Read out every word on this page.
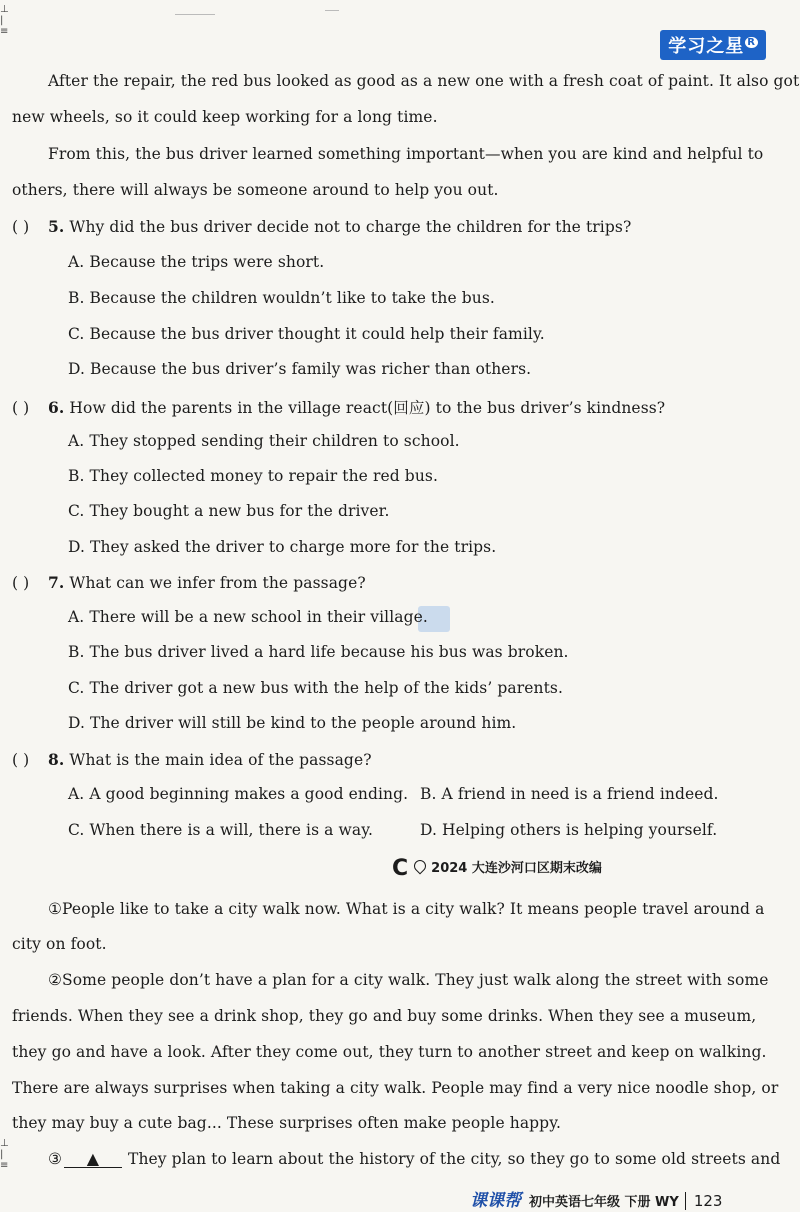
⊥
|
≡
⊥
|
≡
学习之星 $^R$
After the repair, the red bus looked as good as a new one with a fresh coat of paint. It also got
new wheels, so it could keep working for a long time.
From this, the bus driver learned something important—when you are kind and helpful to
others, there will always be someone around to help you out.
( ) 5. Why did the bus driver decide not to charge the children for the trips?
A. Because the trips were short.
B. Because the children wouldn’t like to take the bus.
C. Because the bus driver thought it could help their family.
D. Because the bus driver’s family was richer than others.
( ) 6. How did the parents in the village react(回应) to the bus driver’s kindness?
A. They stopped sending their children to school.
B. They collected money to repair the red bus.
C. They bought a new bus for the driver.
D. They asked the driver to charge more for the trips.
( ) 7. What can we infer from the passage?
A. There will be a new school in their village.
B. The bus driver lived a hard life because his bus was broken.
C. The driver got a new bus with the help of the kids’ parents.
D. The driver will still be kind to the people around him.
( ) 8. What is the main idea of the passage?
A. A good beginning makes a good ending. B. A friend in need is a friend indeed.
C. When there is a will, there is a way.	D. Helping others is helping yourself.
C 2024 大连沙河口区期末改编
①People like to take a city walk now. What is a city walk? It means people travel around a
city on foot.
②Some people don’t have a plan for a city walk. They just walk along the street with some
friends. When they see a drink shop, they go and buy some drinks. When they see a museum,
they go and have a look. After they come out, they turn to another street and keep on walking.
There are always surprises when taking a city walk. People may find a very nice noodle shop, or
they may buy a cute bag... These surprises often make people happy.
③ ▲ They plan to learn about the history of the city, so they go to some old streets and
课课帮 初中英语七年级 下册 WY 123
